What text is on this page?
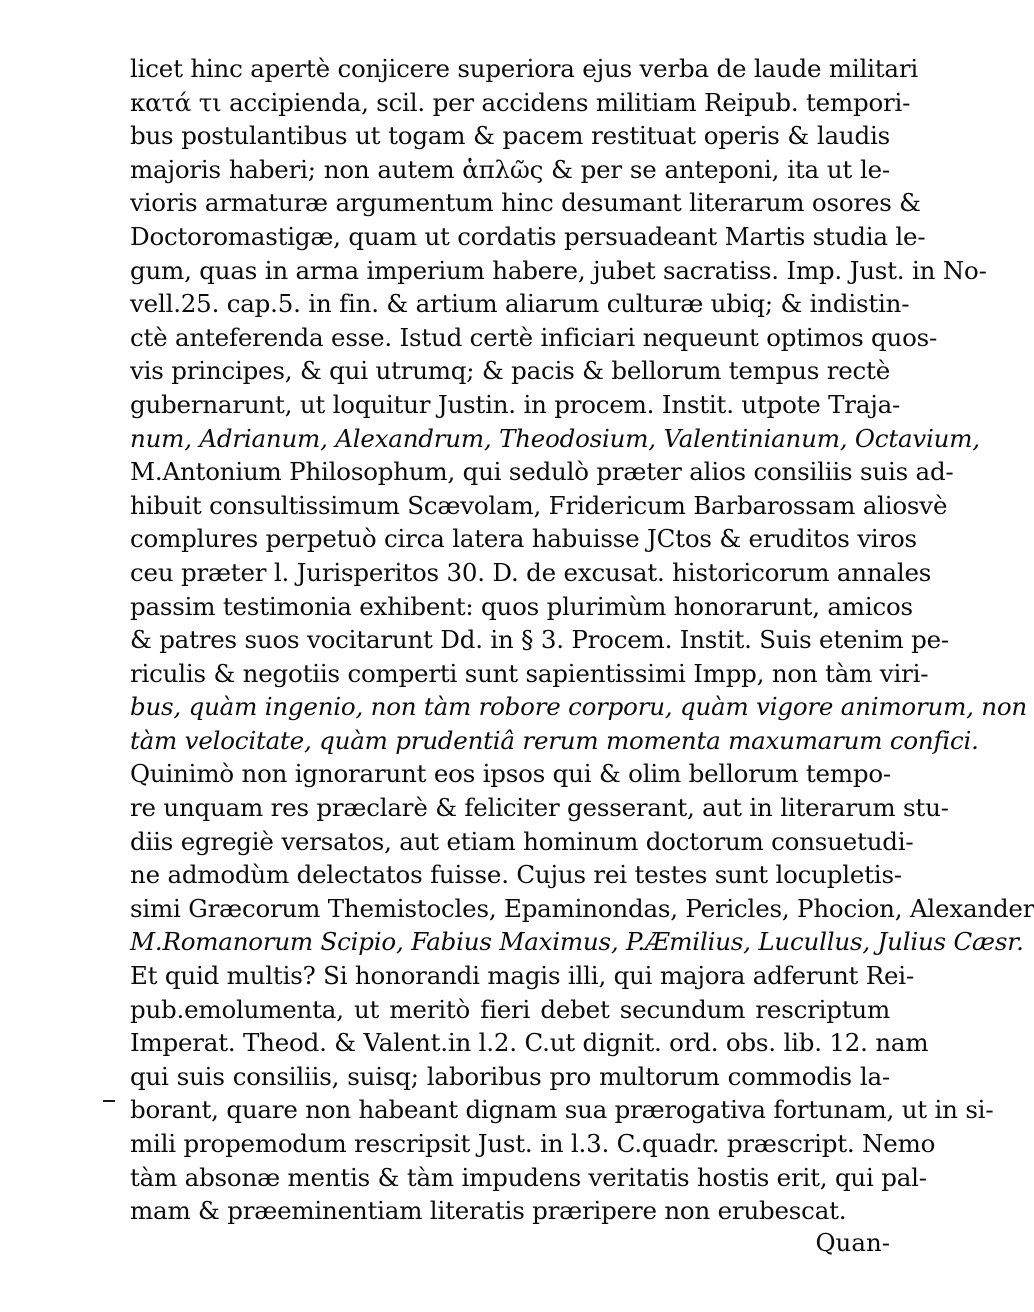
licet hinc apertè conjicere superiora ejus verba de laude militari
κατά τι accipienda, scil. per accidens militiam Reipub. tempori-
bus postulantibus ut togam & pacem restituat operis & laudis
majoris haberi; non autem ἁπλῶς & per se anteponi, ita ut le-
vioris armaturæ argumentum hinc desumant literarum osores &
Doctoromastigæ, quam ut cordatis persuadeant Martis studia le-
gum, quas in arma imperium habere, jubet sacratiss. Imp. Just. in No-
vell.25. cap.5. in fin. & artium aliarum culturæ ubiq; & indistin-
ctè anteferenda esse. Istud certè inficiari nequeunt optimos quos-
vis principes, & qui utrumq; & pacis & bellorum tempus rectè
gubernarunt, ut loquitur Justin. in procem. Instit. utpote Traja-
num, Adrianum, Alexandrum, Theodosium, Valentinianum, Octavium,
M.Antonium Philosophum, qui sedulò præter alios consiliis suis ad-
hibuit consultissimum Scævolam, Fridericum Barbarossam aliosvè
complures perpetuò circa latera habuisse JCtos & eruditos viros
ceu præter l. Jurisperitos 30. D. de excusat. historicorum annales
passim testimonia exhibent: quos plurimùm honorarunt, amicos
& patres suos vocitarunt Dd. in § 3. Procem. Instit. Suis etenim pe-
riculis & negotiis comperti sunt sapientissimi Impp, non tàm viri-
bus, quàm ingenio, non tàm robore corporu, quàm vigore animorum, non
tàm velocitate, quàm prudentiâ rerum momenta maxumarum confici.
Quinimò non ignorarunt eos ipsos qui & olim bellorum tempo-
re unquam res præclarè & feliciter gesserant, aut in literarum stu-
diis egregiè versatos, aut etiam hominum doctorum consuetudi-
ne admodùm delectatos fuisse. Cujus rei testes sunt locupletis-
simi Græcorum Themistocles, Epaminondas, Pericles, Phocion, Alexander
M.Romanorum Scipio, Fabius Maximus, P.Æmilius, Lucullus, Julius Cæsr.
Et quid multis? Si honorandi magis illi, qui majora adferunt Rei-
pub.emolumenta, ut meritò fieri debet secundum rescriptum
Imperat. Theod. & Valent.in l.2. C.ut dignit. ord. obs. lib. 12. nam
qui suis consiliis, suisq; laboribus pro multorum commodis la-
borant, quare non habeant dignam sua prærogativa fortunam, ut in si-
mili propemodum rescripsit Just. in l.3. C.quadr. præscript. Nemo
tàm absonæ mentis & tàm impudens veritatis hostis erit, qui pal-
mam & præeminentiam literatis præripere non erubescat.
Quan-
